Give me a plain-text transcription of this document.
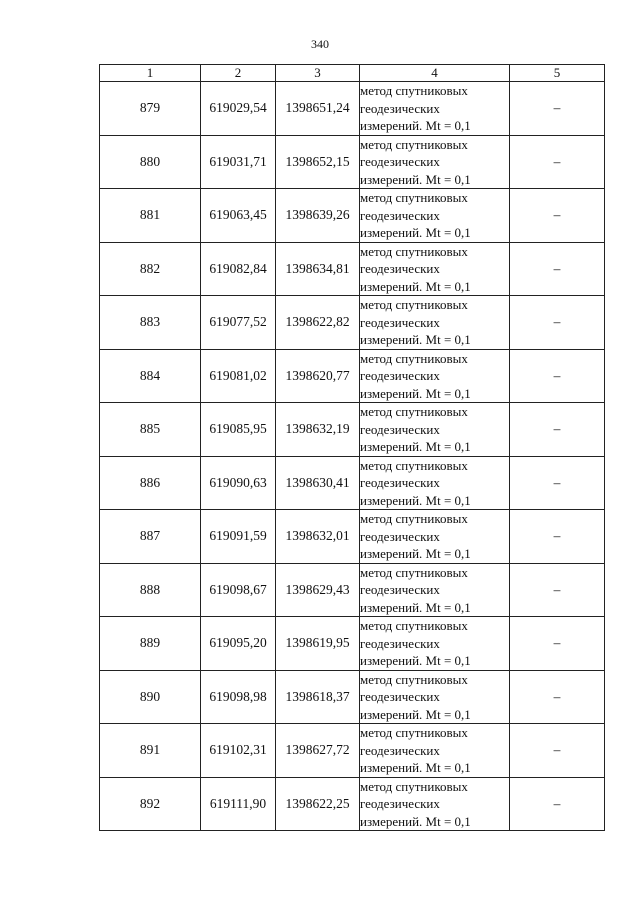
340
1	2	3	4	5
879	619029,54	1398651,24	метод спутниковых
геодезических
измерений. Mt = 0,1	–
880	619031,71	1398652,15	метод спутниковых
геодезических
измерений. Mt = 0,1	–
881	619063,45	1398639,26	метод спутниковых
геодезических
измерений. Mt = 0,1	–
882	619082,84	1398634,81	метод спутниковых
геодезических
измерений. Mt = 0,1	–
883	619077,52	1398622,82	метод спутниковых
геодезических
измерений. Mt = 0,1	–
884	619081,02	1398620,77	метод спутниковых
геодезических
измерений. Mt = 0,1	–
885	619085,95	1398632,19	метод спутниковых
геодезических
измерений. Mt = 0,1	–
886	619090,63	1398630,41	метод спутниковых
геодезических
измерений. Mt = 0,1	–
887	619091,59	1398632,01	метод спутниковых
геодезических
измерений. Mt = 0,1	–
888	619098,67	1398629,43	метод спутниковых
геодезических
измерений. Mt = 0,1	–
889	619095,20	1398619,95	метод спутниковых
геодезических
измерений. Mt = 0,1	–
890	619098,98	1398618,37	метод спутниковых
геодезических
измерений. Mt = 0,1	–
891	619102,31	1398627,72	метод спутниковых
геодезических
измерений. Mt = 0,1	–
892	619111,90	1398622,25	метод спутниковых
геодезических
измерений. Mt = 0,1	–
